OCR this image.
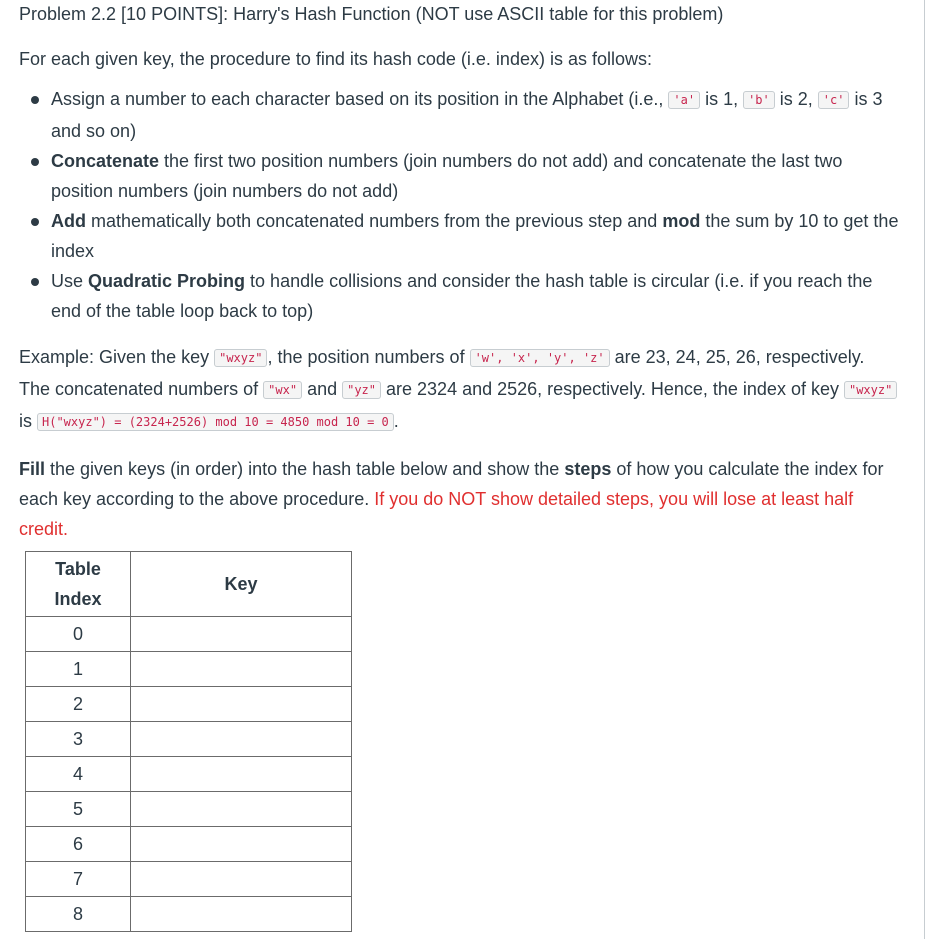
Problem 2.2 [10 POINTS]: Harry's Hash Function (NOT use ASCII table for this problem)

For each given key, the procedure to find its hash code (i.e. index) is as follows:

Assign a number to each character based on its position in the Alphabet (i.e., 'a' is 1, 'b' is 2, 'c' is 3 and so on)
Concatenate the first two position numbers (join numbers do not add) and concatenate the last two position numbers (join numbers do not add)
Add mathematically both concatenated numbers from the previous step and mod the sum by 10 to get the index
Use Quadratic Probing to handle collisions and consider the hash table is circular (i.e. if you reach the end of the table loop back to top)

Example: Given the key "wxyz" , the position numbers of 'w', 'x', 'y', 'z' are 23, 24, 25, 26, respectively. The concatenated numbers of "wx" and "yz" are 2324 and 2526, respectively. Hence, the index of key "wxyz" is H("wxyz") = (2324+2526) mod 10 = 4850 mod 10 = 0 .

Fill the given keys (in order) into the hash table below and show the steps of how you calculate the index for each key according to the above procedure. If you do NOT show detailed steps, you will lose at least half credit.

Table
Index	Key
0	
1	
2	
3	
4	
5	
6	
7	
8	
